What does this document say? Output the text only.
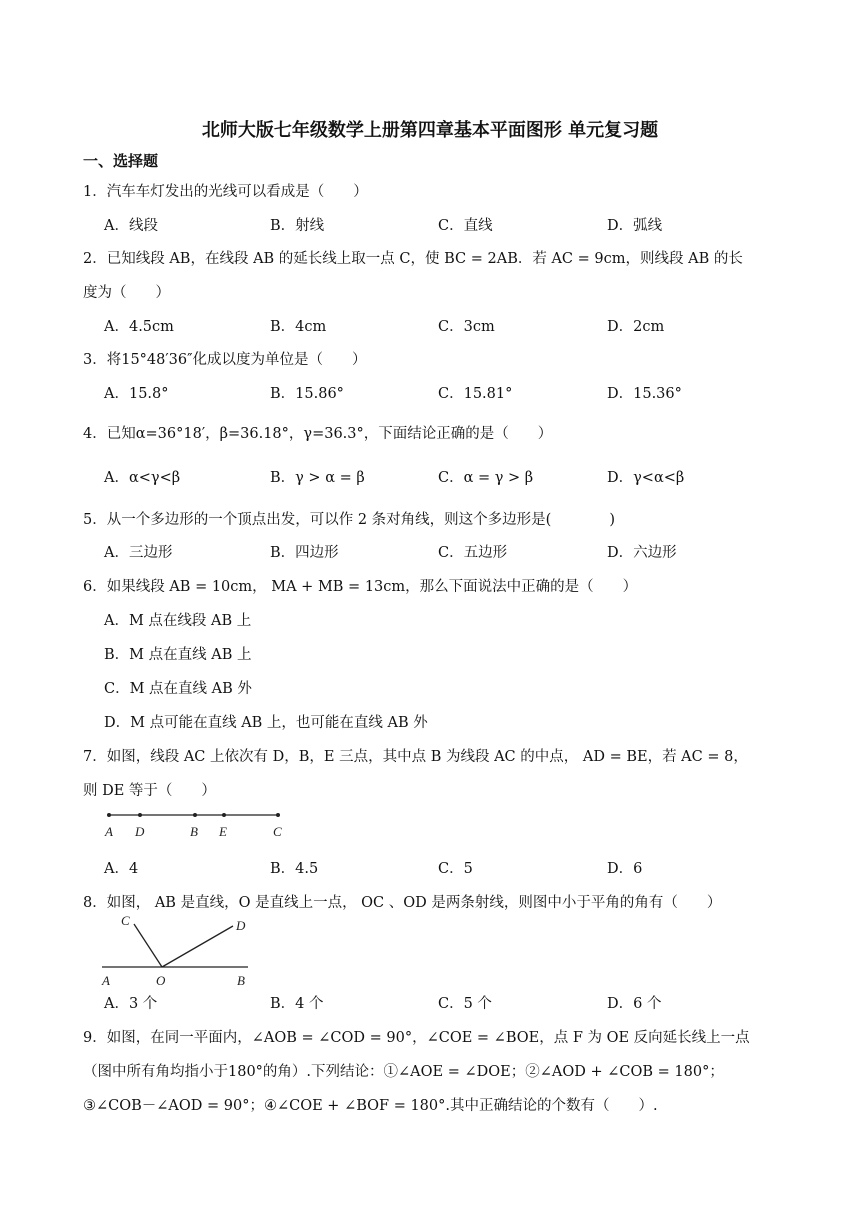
北师大版七年级数学上册第四章基本平面图形 单元复习题
一、选择题
1．汽车车灯发出的光线可以看成是（　　）
A．线段	B．射线	C．直线	D．弧线
2．已知线段 AB，在线段 AB 的延长线上取一点 C，使 BC = 2AB．若 AC = 9cm，则线段 AB 的长
度为（　　）
A．4.5cm	B．4cm	C．3cm	D．2cm
3．将15°48′36″化成以度为单位是（　　）
A．15.8°	B．15.86°	C．15.81°	D．15.36°
4．已知α=36°18′，β=36.18°，γ=36.3°，下面结论正确的是（　　）
A．α<γ<β	B．γ > α = β	C．α = γ > β	D．γ<α<β
5．从一个多边形的一个顶点出发，可以作 2 条对角线，则这个多边形是(　　　　)
A．三边形	B．四边形	C．五边形	D．六边形
6．如果线段 AB = 10cm， MA + MB = 13cm，那么下面说法中正确的是（　　）
A．M 点在线段 AB 上
B．M 点在直线 AB 上
C．M 点在直线 AB 外
D．M 点可能在直线 AB 上，也可能在直线 AB 外
7．如图，线段 AC 上依次有 D，B，E 三点，其中点 B 为线段 AC 的中点， AD = BE，若 AC = 8，
则 DE 等于（　　）
A D	B E	C
A．4	B．4.5	C．5	D．6
8．如图， AB 是直线，O 是直线上一点， OC 、OD 是两条射线，则图中小于平角的角有（　　）
C	D
A	O	B
A．3 个	B．4 个	C．5 个	D．6 个
9．如图，在同一平面内，∠AOB = ∠COD = 90°，∠COE = ∠BOE，点 F 为 OE 反向延长线上一点
（图中所有角均指小于180°的角）.下列结论：①∠AOE = ∠DOE；②∠AOD + ∠COB = 180°；
③∠COB－∠AOD = 90°；④∠COE + ∠BOF = 180°.其中正确结论的个数有（　　）.
